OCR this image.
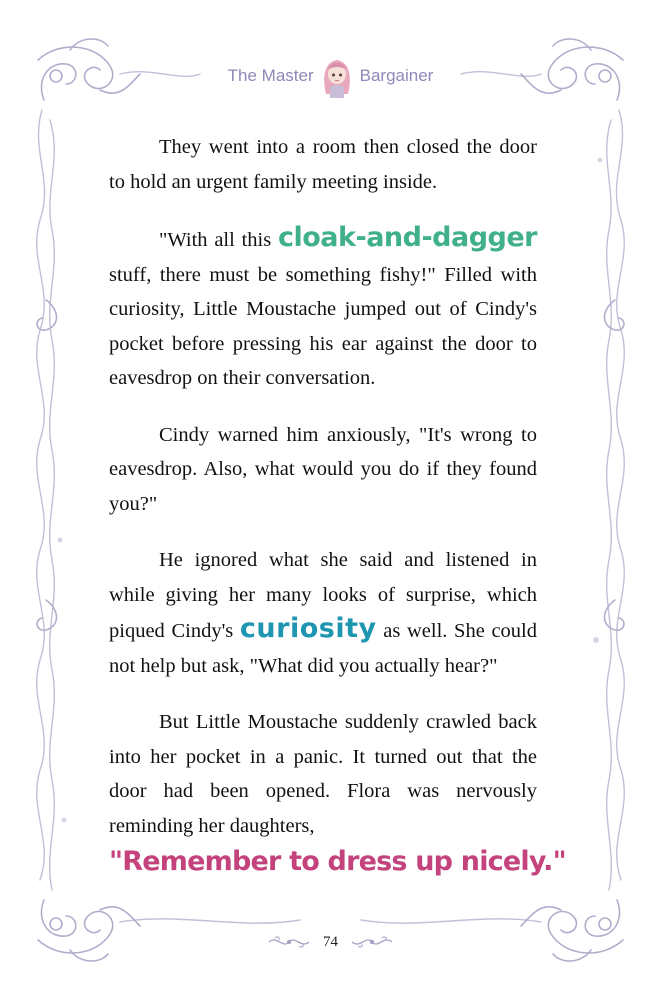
The Master	Bargainer

They went into a room then closed the door to hold an urgent family meeting inside.

"With all this cloak-and-dagger stuff, there must be something fishy!" Filled with curiosity, Little Moustache jumped out of Cindy's pocket before pressing his ear against the door to eavesdrop on their conversation.

Cindy warned him anxiously, "It's wrong to eavesdrop. Also, what would you do if they found you?"

He ignored what she said and listened in while giving her many looks of surprise, which piqued Cindy's curiosity as well. She could not help but ask, "What did you actually hear?"

But Little Moustache suddenly crawled back into her pocket in a panic. It turned out that the door had been opened. Flora was nervously reminding her daughters,
"Remember to dress up nicely."

74
